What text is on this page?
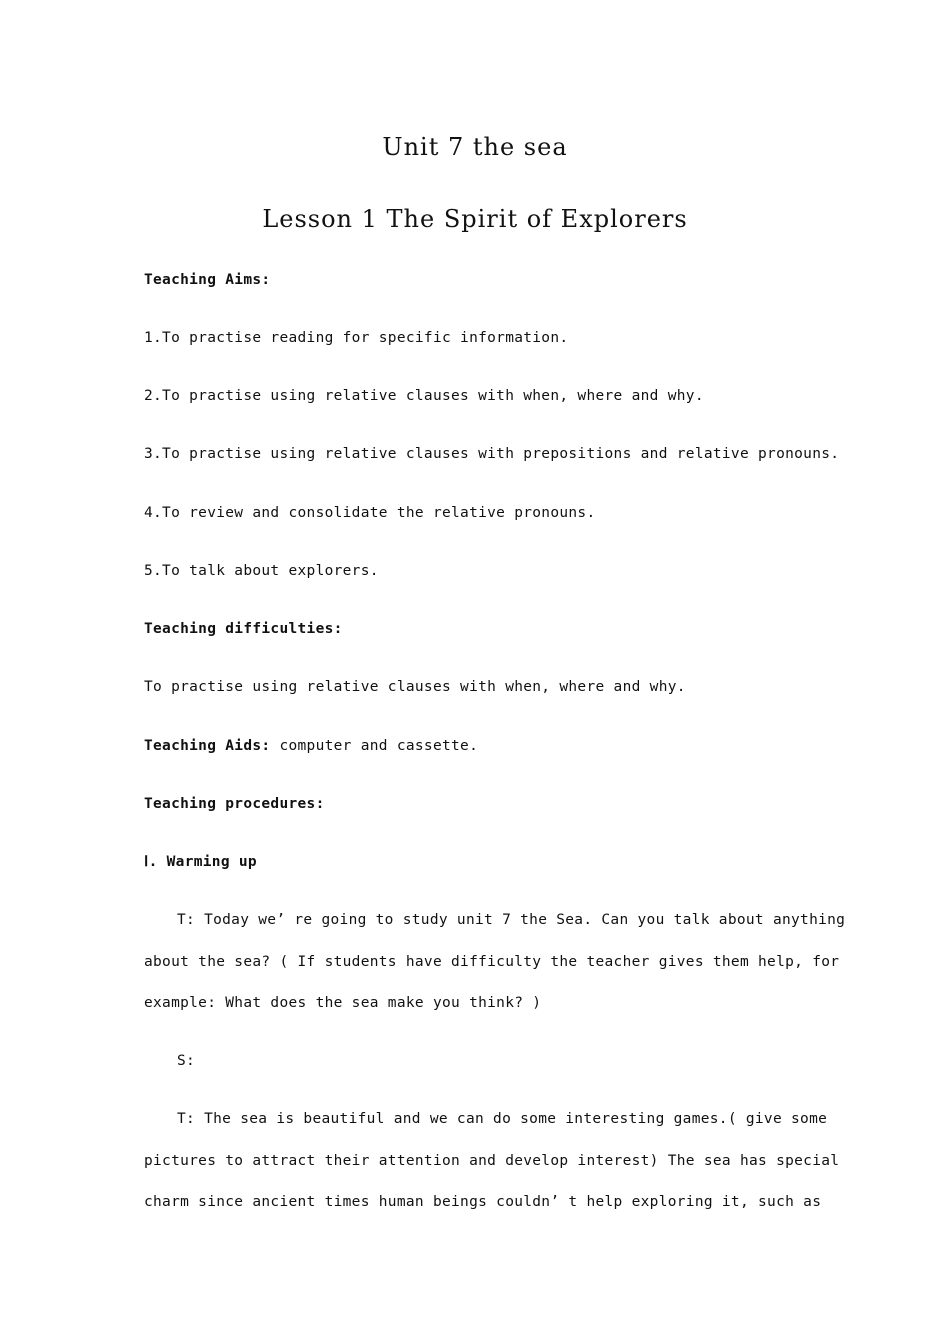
Unit 7 the sea
Lesson 1 The Spirit of Explorers
Teaching Aims:
1.To practise reading for specific information.
2.To practise using relative clauses with when, where and why.
3.To practise using relative clauses with prepositions and relative pronouns.
4.To review and consolidate the relative pronouns.
5.To talk about explorers.
Teaching difficulties:
To practise using relative clauses with when, where and why.
Teaching Aids: computer and cassette.
Teaching procedures:
Ⅰ. Warming up
T: Today we’ re going to study unit 7 the Sea. Can you talk about anything
about the sea? ( If students have difficulty the teacher gives them help, for
example: What does the sea make you think? )
S:
T: The sea is beautiful and we can do some interesting games.( give some
pictures to attract their attention and develop interest) The sea has special
charm since ancient times human beings couldn’ t help exploring it, such as
